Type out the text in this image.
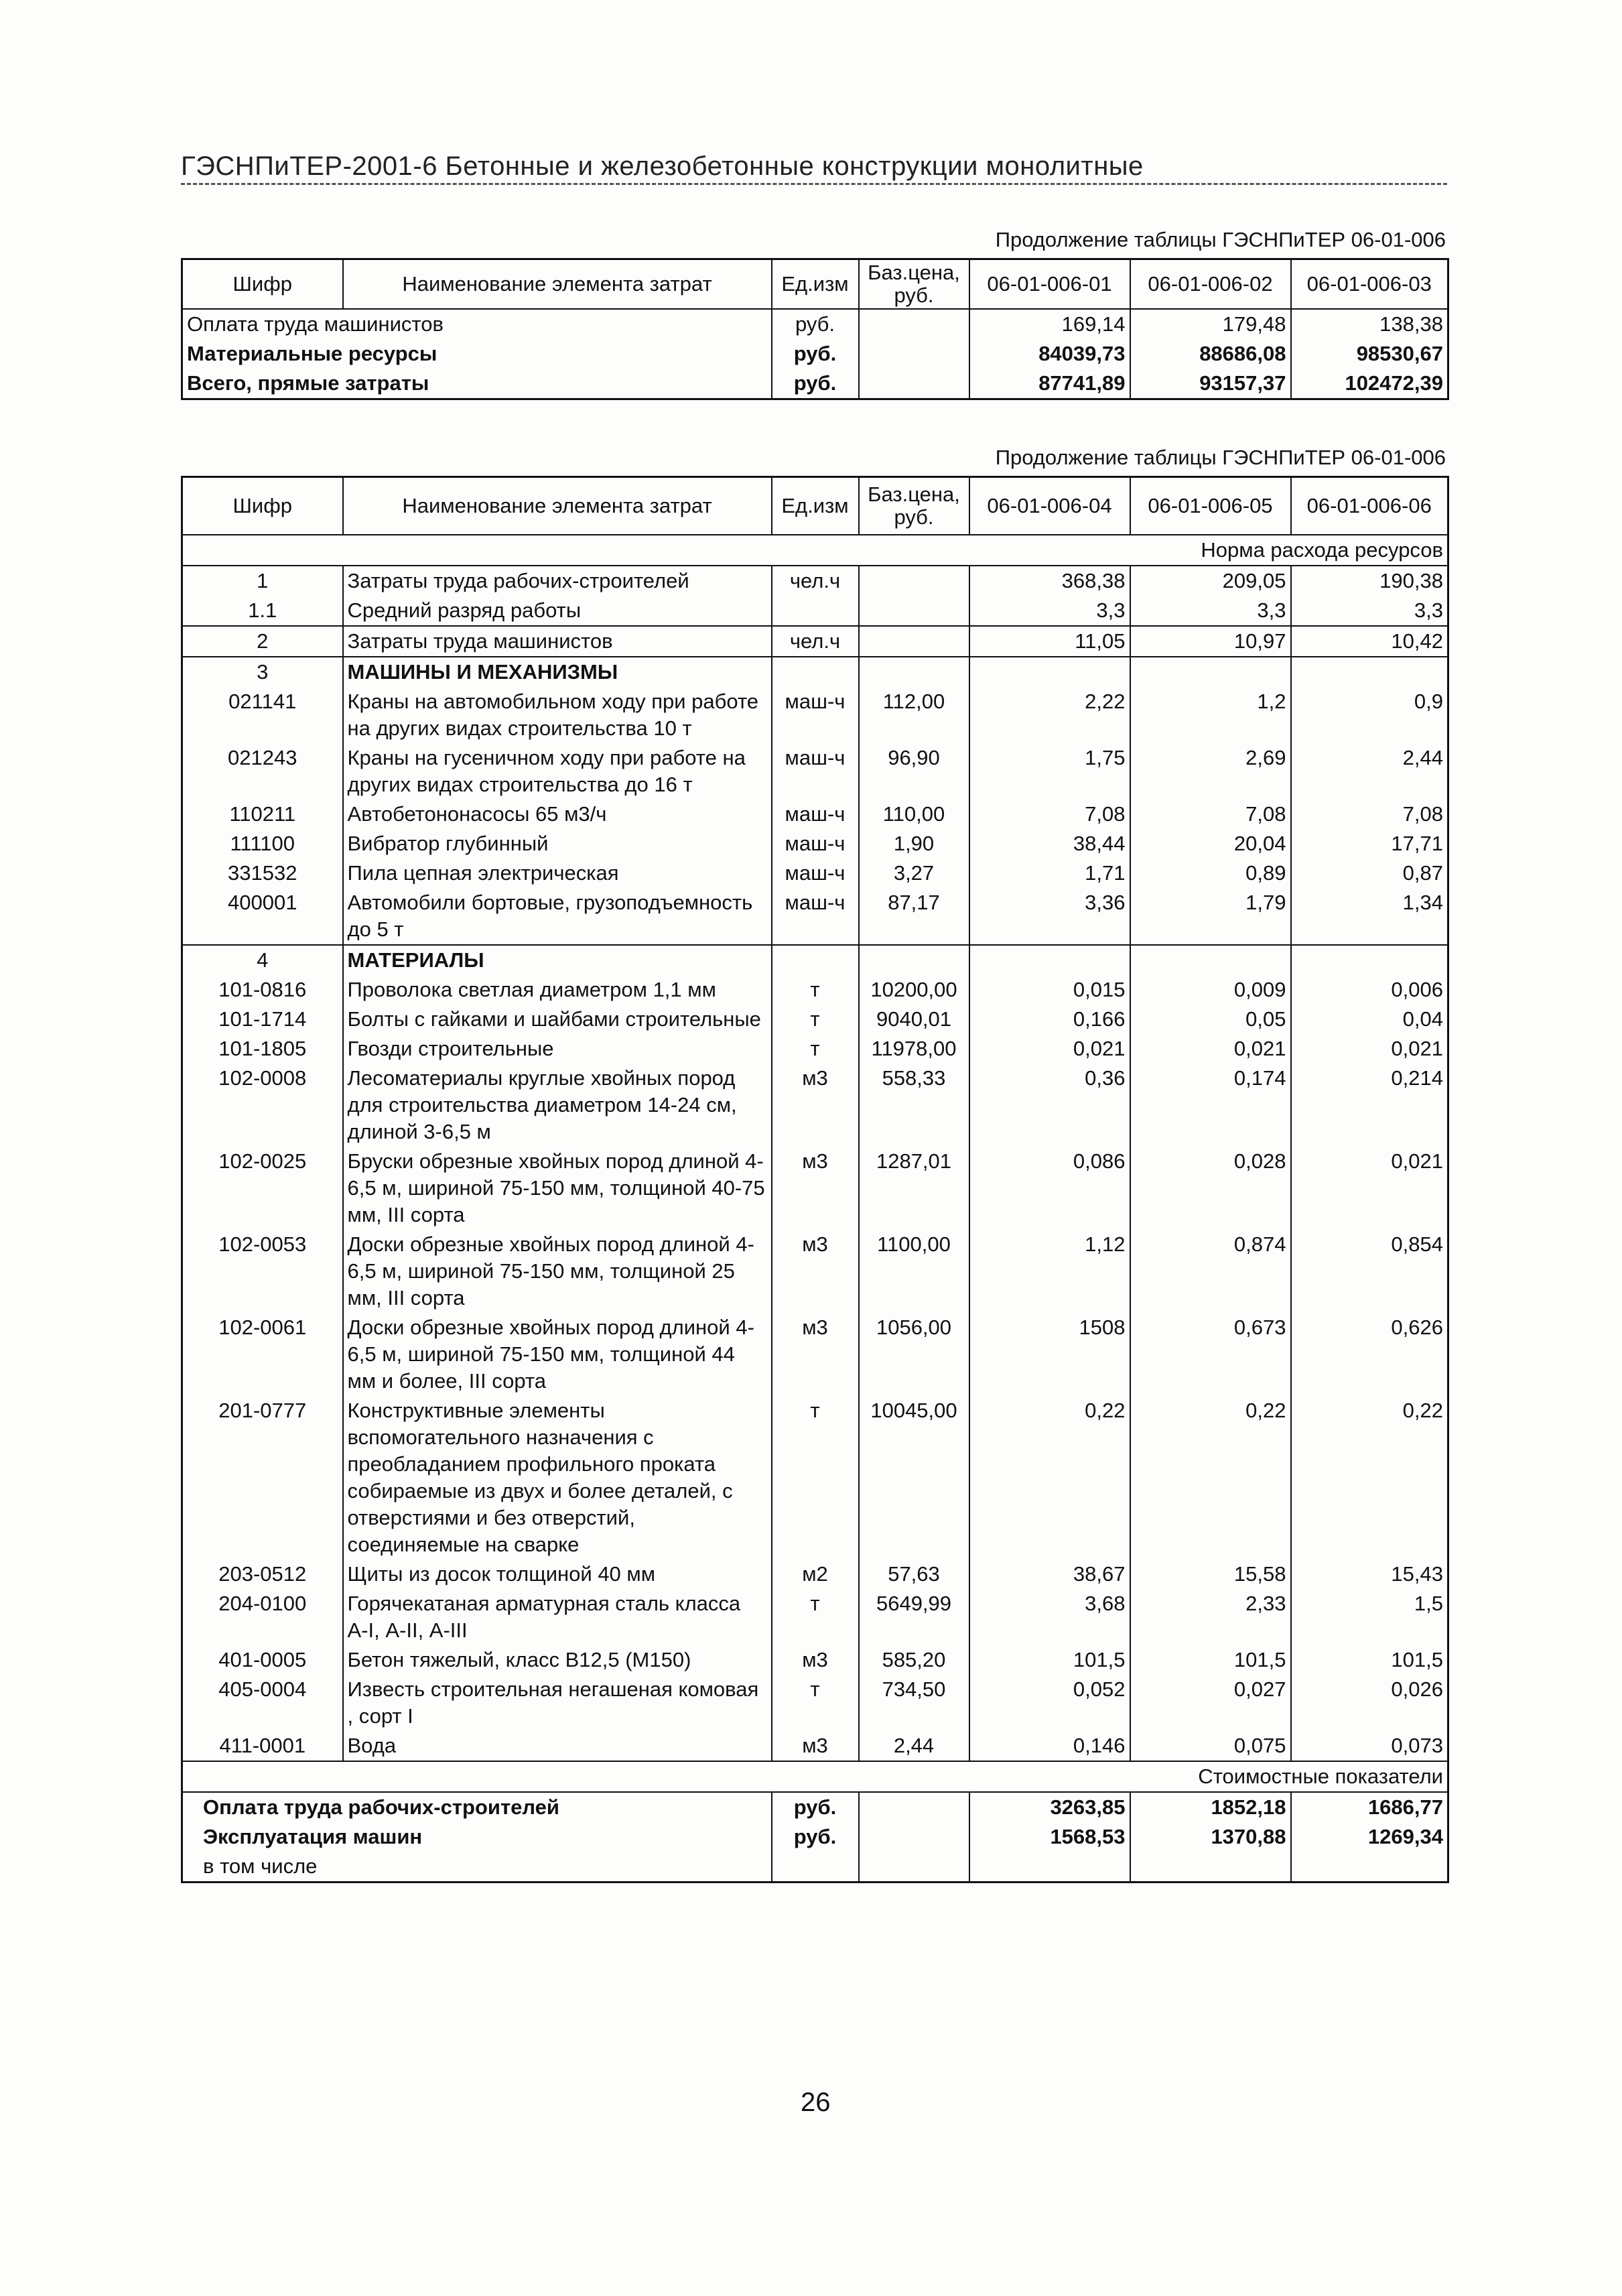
ГЭСНПиТЕР-2001-6 Бетонные и железобетонные конструкции монолитные
Продолжение таблицы ГЭСНПиТЕР 06-01-006
Шифр	Наименование элемента затрат	Ед.изм	Баз.цена, руб.	06-01-006-01	06-01-006-02	06-01-006-03
Оплата труда машинистов		руб.		169,14	179,48	138,38
Материальные ресурсы		руб.		84039,73	88686,08	98530,67
Всего, прямые затраты		руб.		87741,89	93157,37	102472,39
Продолжение таблицы ГЭСНПиТЕР 06-01-006
Шифр	Наименование элемента затрат	Ед.изм	Баз.цена, руб.	06-01-006-04	06-01-006-05	06-01-006-06
Норма расхода ресурсов						
1	Затраты труда рабочих-строителей	чел.ч		368,38	209,05	190,38
1.1	Средний разряд работы			3,3	3,3	3,3
2	Затраты труда машинистов	чел.ч		11,05	10,97	10,42
3	МАШИНЫ И МЕХАНИЗМЫ					
021141	Краны на автомобильном ходу при работе на других видах строительства 10 т	маш-ч	112,00	2,22	1,2	0,9
021243	Краны на гусеничном ходу при работе на других видах строительства до 16 т	маш-ч	96,90	1,75	2,69	2,44
110211	Автобетононасосы 65 м3/ч	маш-ч	110,00	7,08	7,08	7,08
111100	Вибратор глубинный	маш-ч	1,90	38,44	20,04	17,71
331532	Пила цепная электрическая	маш-ч	3,27	1,71	0,89	0,87
400001	Автомобили бортовые, грузоподъемность до 5 т	маш-ч	87,17	3,36	1,79	1,34
4	МАТЕРИАЛЫ					
101-0816	Проволока светлая диаметром 1,1 мм	т	10200,00	0,015	0,009	0,006
101-1714	Болты с гайками и шайбами строительные	т	9040,01	0,166	0,05	0,04
101-1805	Гвозди строительные	т	11978,00	0,021	0,021	0,021
102-0008	Лесоматериалы круглые хвойных пород для строительства диаметром 14-24 см, длиной 3-6,5 м	м3	558,33	0,36	0,174	0,214
102-0025	Бруски обрезные хвойных пород длиной 4-6,5 м, шириной 75-150 мм, толщиной 40-75 мм, III сорта	м3	1287,01	0,086	0,028	0,021
102-0053	Доски обрезные хвойных пород длиной 4-6,5 м, шириной 75-150 мм, толщиной 25 мм, III сорта	м3	1100,00	1,12	0,874	0,854
102-0061	Доски обрезные хвойных пород длиной 4-6,5 м, шириной 75-150 мм, толщиной 44 мм и более, III сорта	м3	1056,00	1508	0,673	0,626
201-0777	Конструктивные элементы вспомогательного назначения с преобладанием профильного проката собираемые из двух и более деталей, с отверстиями и без отверстий, соединяемые на сварке	т	10045,00	0,22	0,22	0,22
203-0512	Щиты из досок толщиной 40 мм	м2	57,63	38,67	15,58	15,43
204-0100	Горячекатаная арматурная сталь класса А-I, А-II, А-III	т	5649,99	3,68	2,33	1,5
401-0005	Бетон тяжелый, класс В12,5 (М150)	м3	585,20	101,5	101,5	101,5
405-0004	Известь строительная негашеная комовая , сорт I	т	734,50	0,052	0,027	0,026
411-0001	Вода	м3	2,44	0,146	0,075	0,073
Стоимостные показатели						
Оплата труда рабочих-строителей		руб.		3263,85	1852,18	1686,77
Эксплуатация машин		руб.		1568,53	1370,88	1269,34
в том числе						
26
